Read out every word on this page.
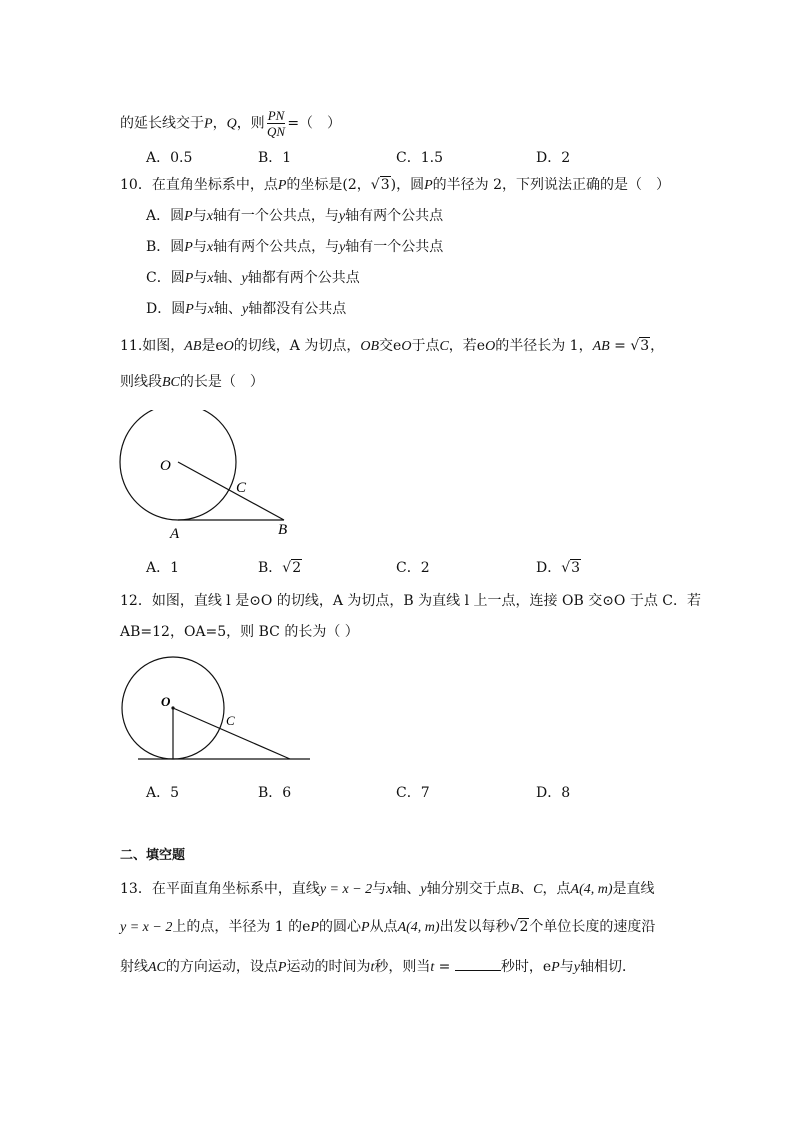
的延长线交于P，Q，则 $\frac{PN}{QN}$ =（　）
A．0.5	B．1	C．1.5	D．2
10．在直角坐标系中，点P的坐标是(2，√3)，圆P的半径为 2，下列说法正确的是（　）
A．圆P与x轴有一个公共点，与y轴有两个公共点
B．圆P与x轴有两个公共点，与y轴有一个公共点
C．圆P与x轴、y轴都有两个公共点
D．圆P与x轴、y轴都没有公共点
11.如图，AB是eO的切线，A 为切点，OB交eO于点C，若eO的半径长为 1，AB = √3，
则线段BC的长是（　）
O
C
A	B
A．1	B．√2	C．2	D．√3
12．如图，直线 l 是⊙O 的切线，A 为切点，B 为直线 l 上一点，连接 OB 交⊙O 于点 C．若
AB=12，OA=5，则 BC 的长为（ ）
O
C
A．5	B．6	C．7	D．8
二、填空题
13．在平面直角坐标系中，直线y = x − 2与x轴、y轴分别交于点B、C，点A(4, m)是直线
y = x − 2上的点，半径为 1 的eP的圆心P从点A(4, m)出发以每秒√2个单位长度的速度沿
射线AC的方向运动，设点P运动的时间为t秒，则当t =	秒时，eP与y轴相切．
